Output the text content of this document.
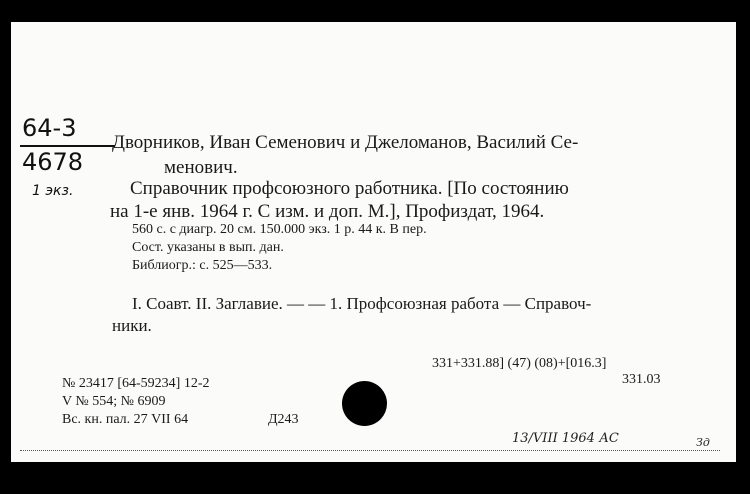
64-3
4678
1 экз.
Дворников, Иван Семенович и Джеломанов, Василий Се-
менович.
Справочник профсоюзного работника. [По состоянию
на 1-е янв. 1964 г. С изм. и доп. М.], Профиздат, 1964.
560 с. с диагр. 20 см. 150.000 экз. 1 р. 44 к. В пер.
Сост. указаны в вып. дан.
Библиогр.: с. 525—533.
I. Соавт. II. Заглавие. — — 1. Профсоюзная работа — Справоч-
ники.
331+331.88] (47) (08)+[016.3]
331.03
№ 23417 [64-59234] 12-2
V № 554; № 6909
Вс. кн. пал. 27 VII 64	Д243
13/VIII 1964 АС	Зд
